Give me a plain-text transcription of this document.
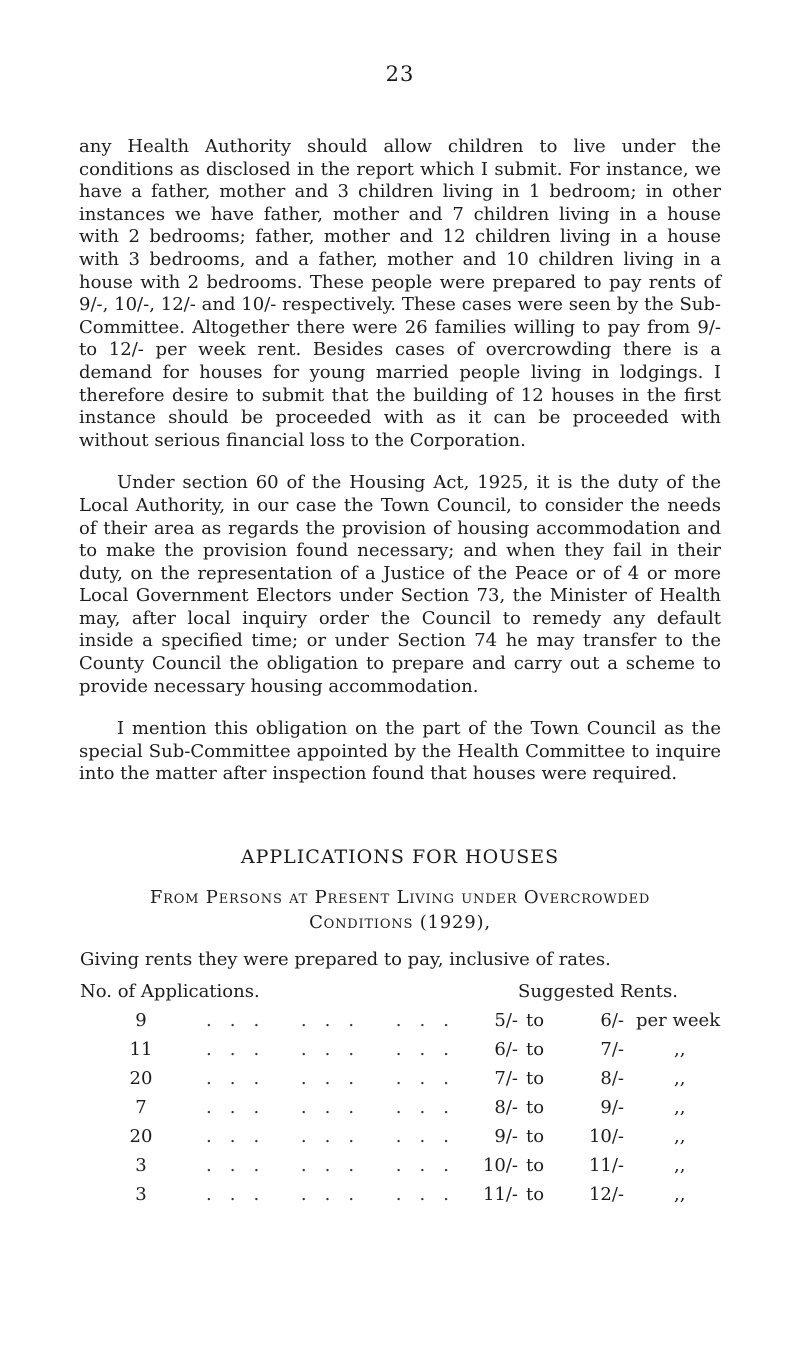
23

any Health Authority should allow children to live under the conditions as disclosed in the report which I submit. For instance, we have a father, mother and 3 children living in 1 bedroom; in other instances we have father, mother and 7 children living in a house with 2 bedrooms; father, mother and 12 children living in a house with 3 bedrooms, and a father, mother and 10 children living in a house with 2 bedrooms. These people were prepared to pay rents of 9/-, 10/-, 12/- and 10/- respectively. These cases were seen by the Sub-Committee. Altogether there were 26 families willing to pay from 9/- to 12/- per week rent. Besides cases of overcrowding there is a demand for houses for young married people living in lodgings. I therefore desire to submit that the building of 12 houses in the first instance should be proceeded with as it can be proceeded with without serious financial loss to the Corporation.

Under section 60 of the Housing Act, 1925, it is the duty of the Local Authority, in our case the Town Council, to consider the needs of their area as regards the provision of housing accommodation and to make the provision found necessary; and when they fail in their duty, on the representation of a Justice of the Peace or of 4 or more Local Government Electors under Section 73, the Minister of Health may, after local inquiry order the Council to remedy any default inside a specified time; or under Section 74 he may transfer to the County Council the obligation to prepare and carry out a scheme to provide necessary housing accommodation.

I mention this obligation on the part of the Town Council as the special Sub-Committee appointed by the Health Committee to inquire into the matter after inspection found that houses were required.

APPLICATIONS FOR HOUSES
From Persons at Present Living under Overcrowded
Conditions (1929),
Giving rents they were prepared to pay, inclusive of rates.
No. of Applications.	Suggested Rents.
9	... ... ...	5/- to	6/- per week
11	... ... ...	6/- to	7/-	,,
20	... ... ...	7/- to	8/-	,,
7	... ... ...	8/- to	9/-	,,
20	... ... ...	9/- to	10/-	,,
3	... ... ... 10/- to	11/-	,,
3	... ... ... 11/- to	12/-	,,
